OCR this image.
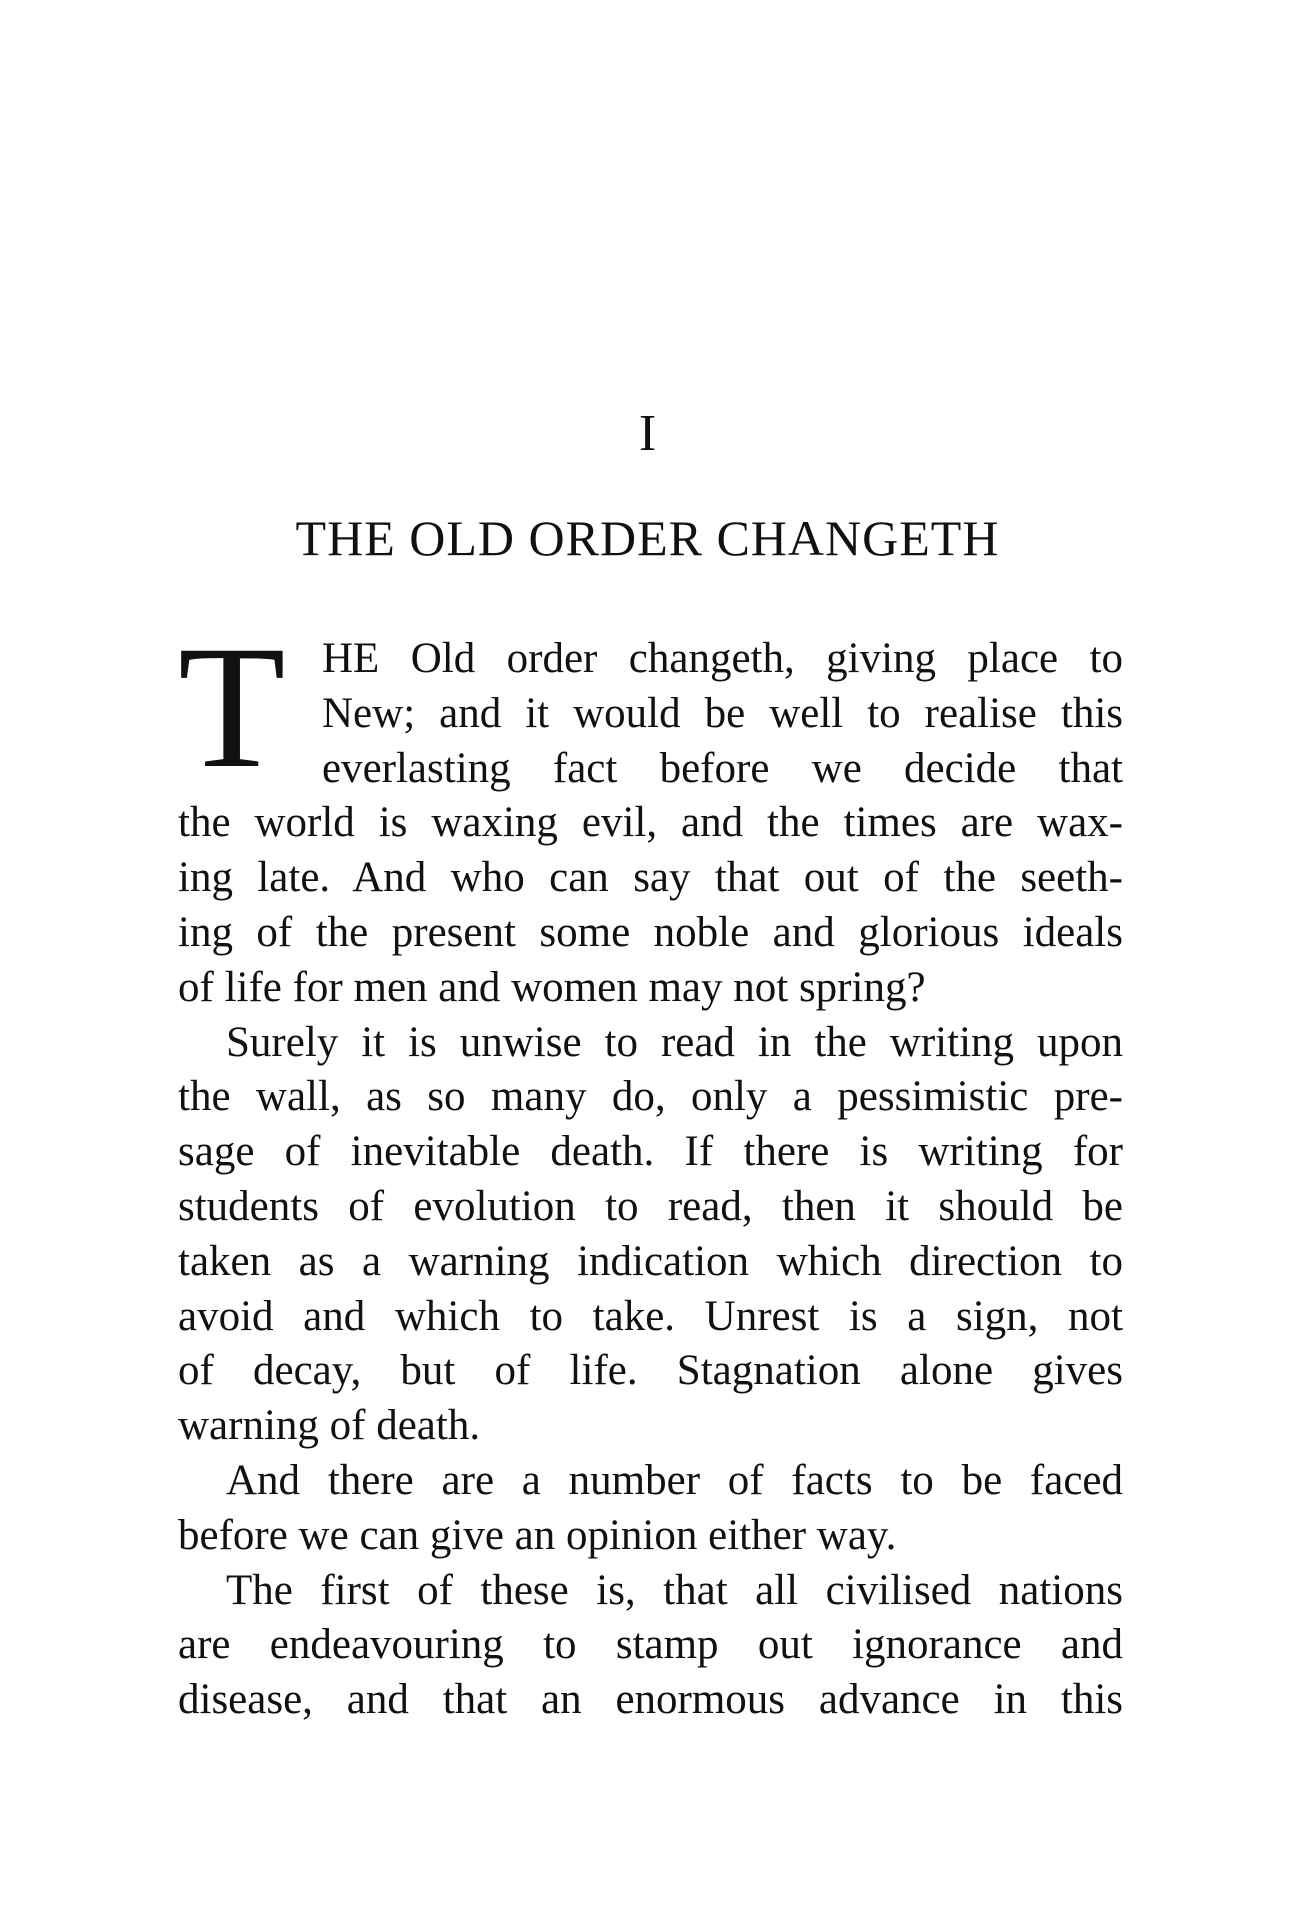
I
THE OLD ORDER CHANGETH
T HE Old order changeth, giving place to
New; and it would be well to realise this
everlasting fact before we decide that
the world is waxing evil, and the times are wax-
ing late. And who can say that out of the seeth-
ing of the present some noble and glorious ideals
of life for men and women may not spring?
Surely it is unwise to read in the writing upon
the wall, as so many do, only a pessimistic pre-
sage of inevitable death. If there is writing for
students of evolution to read, then it should be
taken as a warning indication which direction to
avoid and which to take. Unrest is a sign, not
of decay, but of life. Stagnation alone gives
warning of death.
And there are a number of facts to be faced
before we can give an opinion either way.
The first of these is, that all civilised nations
are endeavouring to stamp out ignorance and
disease, and that an enormous advance in this
